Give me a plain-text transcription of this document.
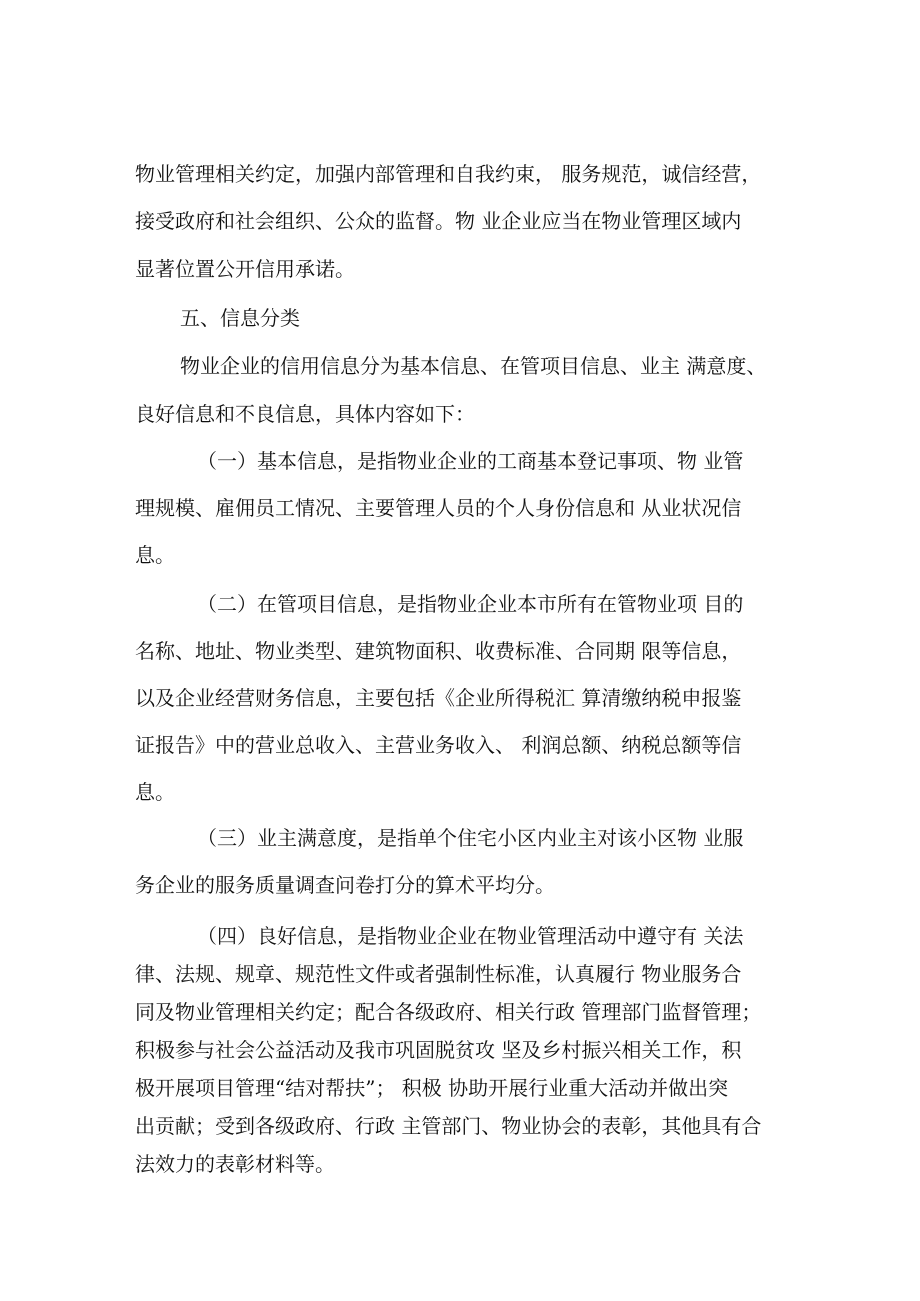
物业管理相关约定，加强内部管理和自我约束， 服务规范，诚信经营，
接受政府和社会组织、公众的监督。物 业企业应当在物业管理区域内
显著位置公开信用承诺。
五、信息分类
物业企业的信用信息分为基本信息、在管项目信息、业主 满意度、
良好信息和不良信息，具体内容如下：
（一）基本信息，是指物业企业的工商基本登记事项、物 业管
理规模、雇佣员工情况、主要管理人员的个人身份信息和 从业状况信
息。
（二）在管项目信息，是指物业企业本市所有在管物业项 目的
名称、地址、物业类型、建筑物面积、收费标准、合同期 限等信息，
以及企业经营财务信息，主要包括《企业所得税汇 算清缴纳税申报鉴
证报告》中的营业总收入、主营业务收入、 利润总额、纳税总额等信
息。
（三）业主满意度，是指单个住宅小区内业主对该小区物 业服
务企业的服务质量调查问卷打分的算术平均分。
（四）良好信息，是指物业企业在物业管理活动中遵守有 关法
律、法规、规章、规范性文件或者强制性标准，认真履行 物业服务合
同及物业管理相关约定；配合各级政府、相关行政 管理部门监督管理；
积极参与社会公益活动及我市巩固脱贫攻 坚及乡村振兴相关工作，积
极开展项目管理“结对帮扶”； 积极 协助开展行业重大活动并做出突
出贡献；受到各级政府、行政 主管部门、物业协会的表彰，其他具有合
法效力的表彰材料等。
